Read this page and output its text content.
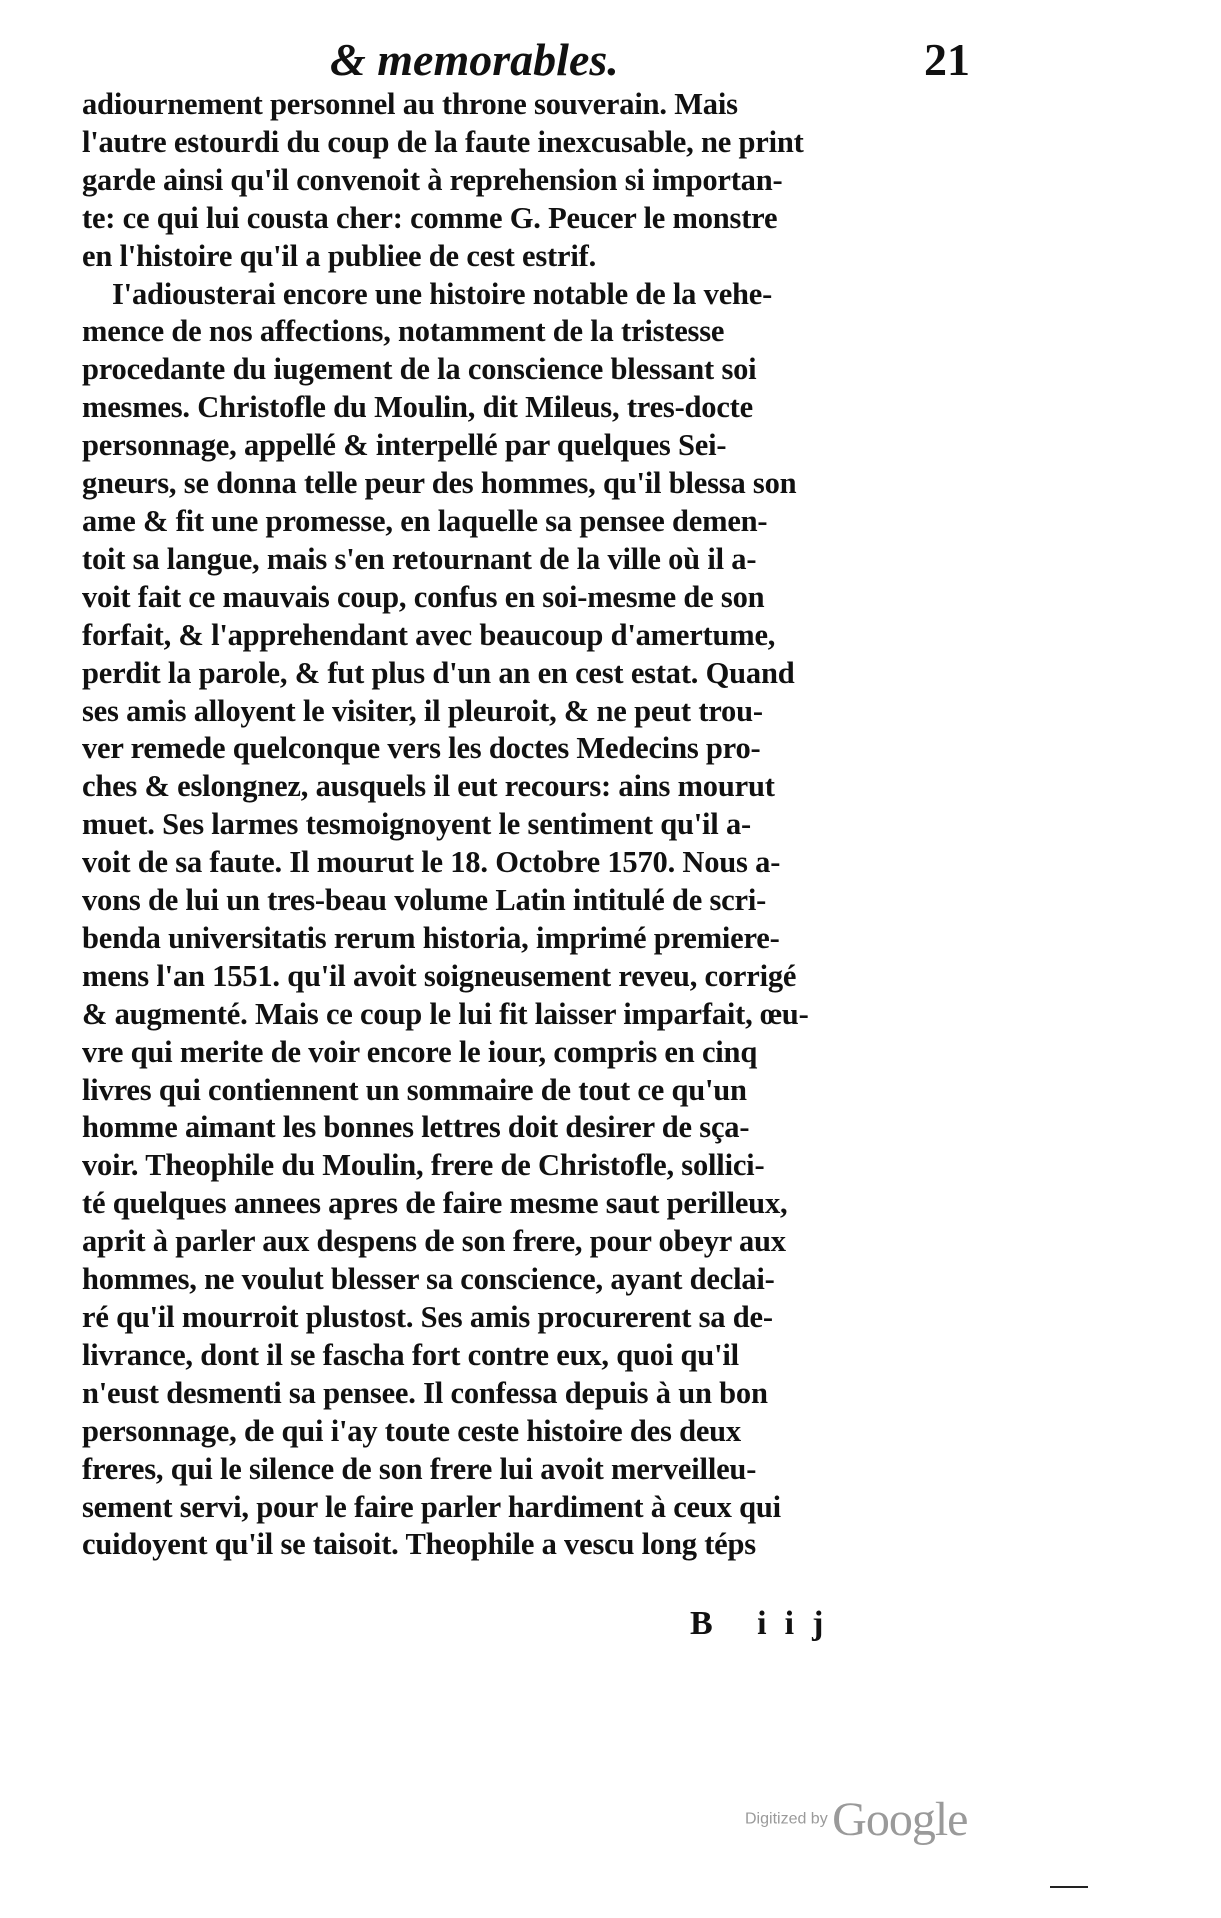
& memorables.	21
adiournement personnel au throne souverain. Mais
l'autre estourdi du coup de la faute inexcusable, ne print
garde ainsi qu'il convenoit à reprehension si importan-
te: ce qui lui cousta cher: comme G. Peucer le monstre
en l'histoire qu'il a publiee de cest estrif.
I'adiousterai encore une histoire notable de la vehe-
mence de nos affections, notamment de la tristesse
procedante du iugement de la conscience blessant soi
mesmes. Christofle du Moulin, dit Mileus, tres-docte
personnage, appellé & interpellé par quelques Sei-
gneurs, se donna telle peur des hommes, qu'il blessa son
ame & fit une promesse, en laquelle sa pensee demen-
toit sa langue, mais s'en retournant de la ville où il a-
voit fait ce mauvais coup, confus en soi-mesme de son
forfait, & l'apprehendant avec beaucoup d'amertume,
perdit la parole, & fut plus d'un an en cest estat. Quand
ses amis alloyent le visiter, il pleuroit, & ne peut trou-
ver remede quelconque vers les doctes Medecins pro-
ches & eslongnez, ausquels il eut recours: ains mourut
muet. Ses larmes tesmoignoyent le sentiment qu'il a-
voit de sa faute. Il mourut le 18. Octobre 1570. Nous a-
vons de lui un tres-beau volume Latin intitulé de scri-
benda universitatis rerum historia, imprimé premiere-
mens l'an 1551. qu'il avoit soigneusement reveu, corrigé
& augmenté. Mais ce coup le lui fit laisser imparfait, œu-
vre qui merite de voir encore le iour, compris en cinq
livres qui contiennent un sommaire de tout ce qu'un
homme aimant les bonnes lettres doit desirer de sça-
voir. Theophile du Moulin, frere de Christofle, sollici-
té quelques annees apres de faire mesme saut perilleux,
aprit à parler aux despens de son frere, pour obeyr aux
hommes, ne voulut blesser sa conscience, ayant declai-
ré qu'il mourroit plustost. Ses amis procurerent sa de-
livrance, dont il se fascha fort contre eux, quoi qu'il
n'eust desmenti sa pensee. Il confessa depuis à un bon
personnage, de qui i'ay toute ceste histoire des deux
freres, qui le silence de son frere lui avoit merveilleu-
sement servi, pour le faire parler hardiment à ceux qui
cuidoyent qu'il se taisoit. Theophile a vescu long téps
B iij
Digitized by Google
